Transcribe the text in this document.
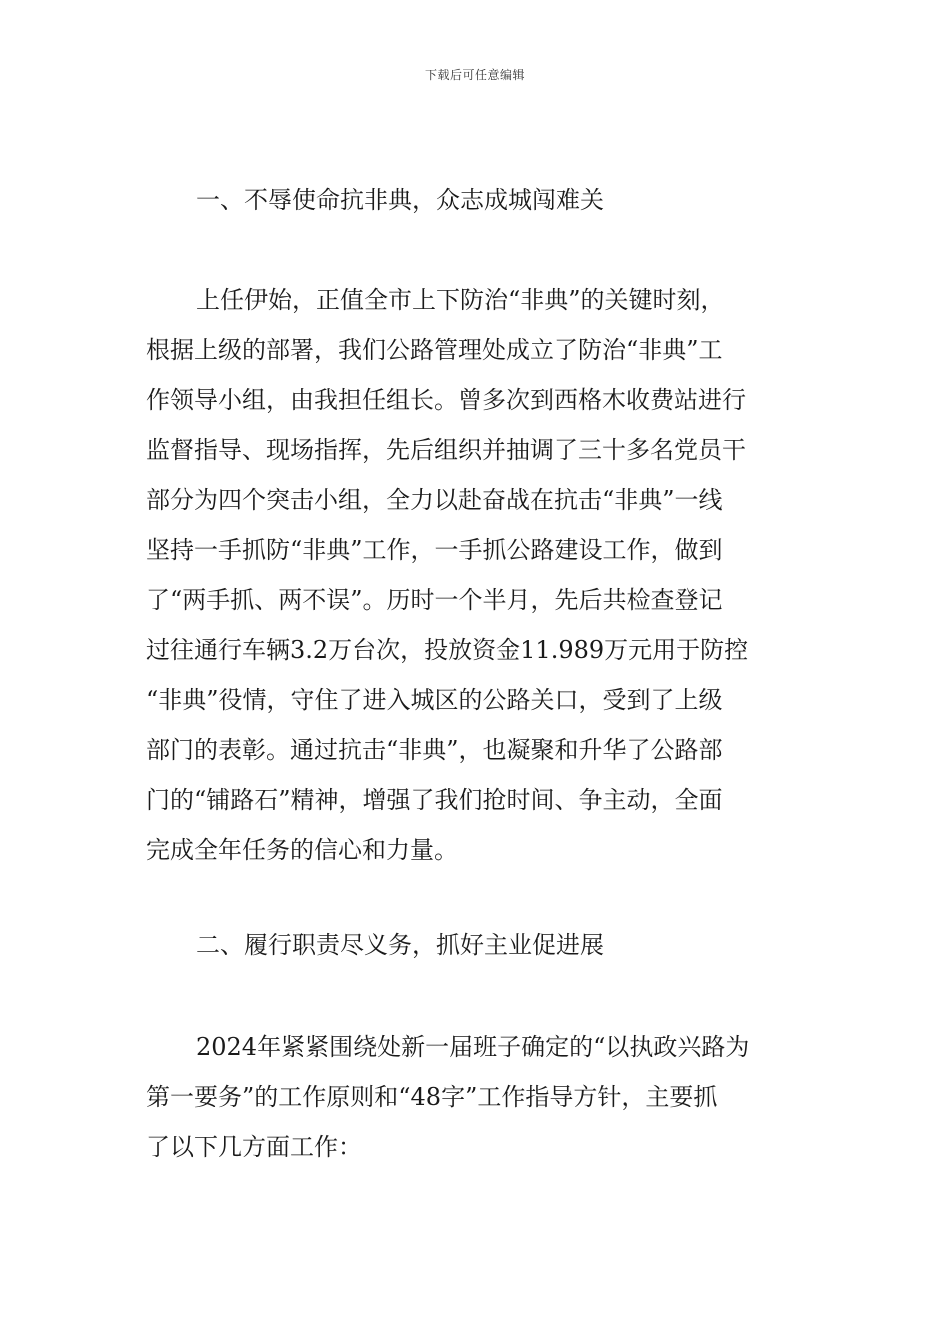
下载后可任意编辑
一、不辱使命抗非典，众志成城闯难关
上任伊始，正值全市上下防治“非典”的关键时刻，
根据上级的部署，我们公路管理处成立了防治“非典”工
作领导小组，由我担任组长。曾多次到西格木收费站进行
监督指导、现场指挥，先后组织并抽调了三十多名党员干
部分为四个突击小组，全力以赴奋战在抗击“非典”一线
坚持一手抓防“非典”工作，一手抓公路建设工作，做到
了“两手抓、两不误”。历时一个半月，先后共检查登记
过往通行车辆3.2万台次，投放资金11.989万元用于防控
“非典”役情，守住了进入城区的公路关口，受到了上级
部门的表彰。通过抗击“非典”，也凝聚和升华了公路部
门的“铺路石”精神，增强了我们抢时间、争主动，全面
完成全年任务的信心和力量。
二、履行职责尽义务，抓好主业促进展
2024年紧紧围绕处新一届班子确定的“以执政兴路为
第一要务”的工作原则和“48字”工作指导方针，主要抓
了以下几方面工作：
